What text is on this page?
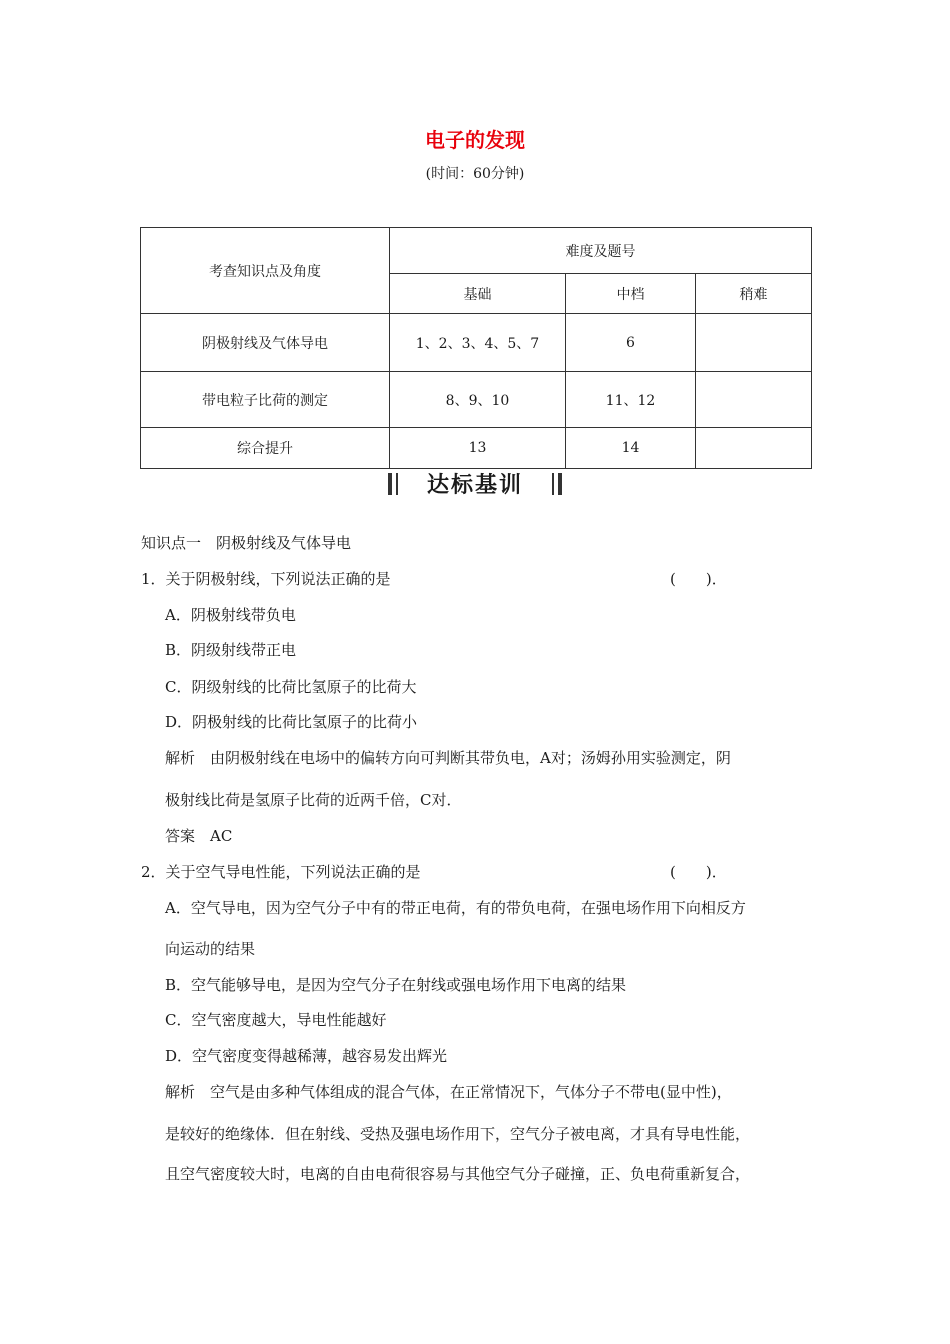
电子的发现
(时间：60分钟)
考查知识点及角度	难度及题号		
	基础	中档	稍难
阴极射线及气体导电	1、2、3、4、5、7	6	
带电粒子比荷的测定	8、9、10	11、12	
综合提升	13	14	
达标基训
知识点一　阴极射线及气体导电
1．关于阴极射线，下列说法正确的是	(　　)．
A．阴极射线带负电
B．阴级射线带正电
C．阴级射线的比荷比氢原子的比荷大
D．阴极射线的比荷比氢原子的比荷小
解析　由阴极射线在电场中的偏转方向可判断其带负电，A对；汤姆孙用实验测定，阴
极射线比荷是氢原子比荷的近两千倍，C对．
答案　AC
2．关于空气导电性能，下列说法正确的是	(　　)．
A．空气导电，因为空气分子中有的带正电荷，有的带负电荷，在强电场作用下向相反方
向运动的结果
B．空气能够导电，是因为空气分子在射线或强电场作用下电离的结果
C．空气密度越大，导电性能越好
D．空气密度变得越稀薄，越容易发出辉光
解析　空气是由多种气体组成的混合气体，在正常情况下，气体分子不带电(显中性)，
是较好的绝缘体．但在射线、受热及强电场作用下，空气分子被电离，才具有导电性能，
且空气密度较大时，电离的自由电荷很容易与其他空气分子碰撞，正、负电荷重新复合，
